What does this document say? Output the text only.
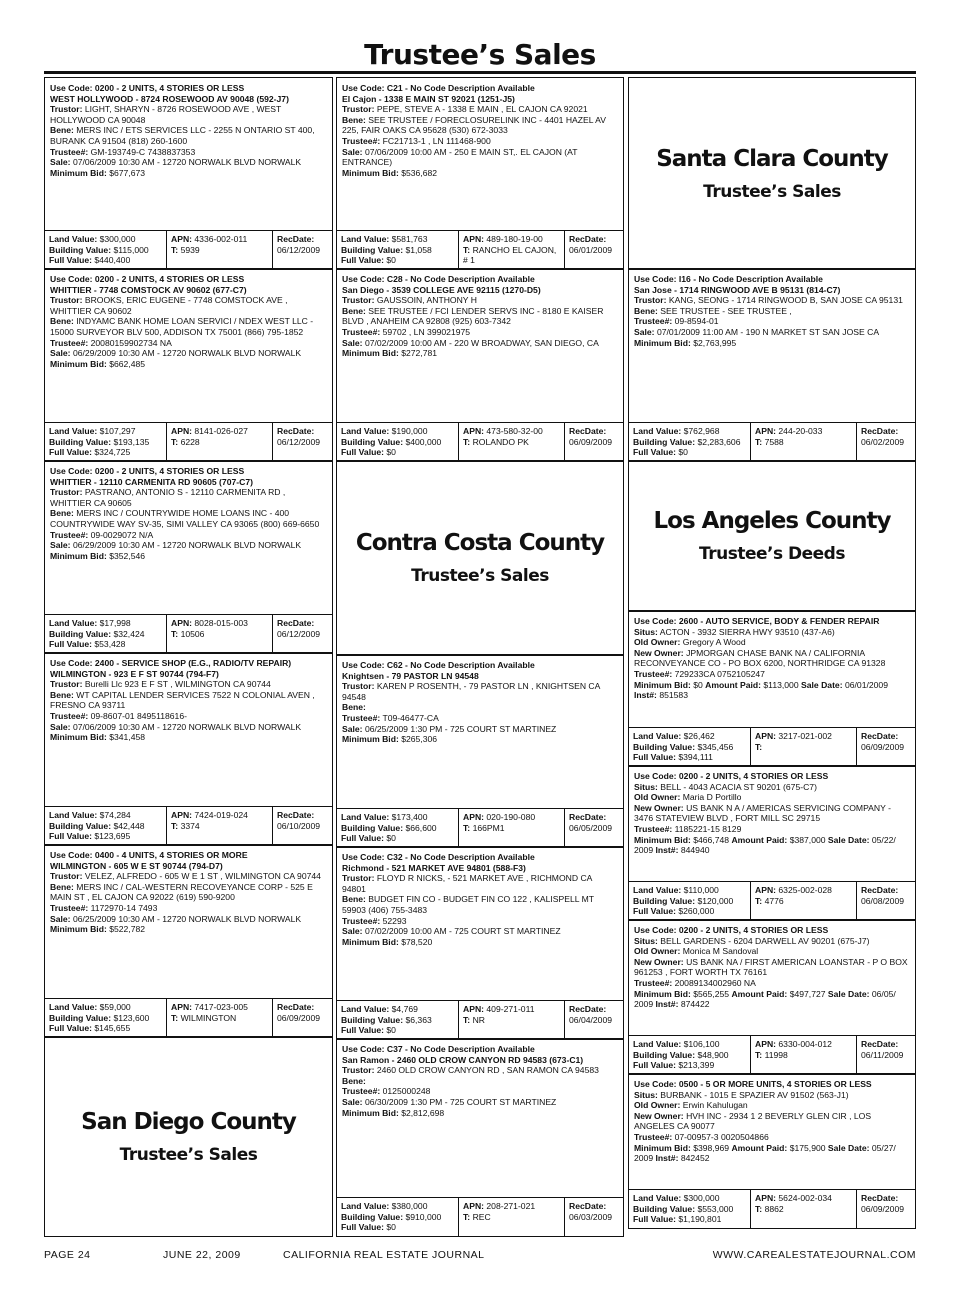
Trustee’s Sales
Use Code: 0200 - 2 UNITS, 4 STORIES OR LESS
WEST HOLLYWOOD - 8724 ROSEWOOD AV 90048 (592-J7)
Trustor: LIGHT, SHARYN - 8726 ROSEWOOD AVE , WEST HOLLYWOOD CA 90048
Bene: MERS INC / ETS SERVICES LLC - 2255 N ONTARIO ST 400, BURANK CA 91504 (818) 260-1600
Trustee#: GM-193749-C 7438837353
Sale: 07/06/2009 10:30 AM - 12720 NORWALK BLVD NORWALK
Minimum Bid: $677,673
Land Value: $300,000
Building Value: $115,000
Full Value: $440,400
APN: 4336-002-011
T: 5939
RecDate:
06/12/2009
Use Code: 0200 - 2 UNITS, 4 STORIES OR LESS
WHITTIER - 7748 COMSTOCK AV 90602 (677-C7)
Trustor: BROOKS, ERIC EUGENE - 7748 COMSTOCK AVE , WHITTIER CA 90602
Bene: INDYAMC BANK HOME LOAN SERVICI / NDEX WEST LLC - 15000 SURVEYOR BLV 500, ADDISON TX 75001 (866) 795-1852
Trustee#: 20080159902734 NA
Sale: 06/29/2009 10:30 AM - 12720 NORWALK BLVD NORWALK
Minimum Bid: $662,485
Land Value: $107,297
Building Value: $193,135
Full Value: $324,725
APN: 8141-026-027
T: 6228
RecDate:
06/12/2009
Use Code: 0200 - 2 UNITS, 4 STORIES OR LESS
WHITTIER - 12110 CARMENITA RD 90605 (707-C7)
Trustor: PASTRANO, ANTONIO S - 12110 CARMENITA RD , WHITTIER CA 90605
Bene: MERS INC / COUNTRYWIDE HOME LOANS INC - 400 COUNTRYWIDE WAY SV-35, SIMI VALLEY CA 93065 (800) 669-6650
Trustee#: 09-0029072 N/A
Sale: 06/29/2009 10:30 AM - 12720 NORWALK BLVD NORWALK
Minimum Bid: $352,546
Land Value: $17,998
Building Value: $32,424
Full Value: $53,428
APN: 8028-015-003
T: 10506
RecDate:
06/12/2009
Use Code: 2400 - SERVICE SHOP (E.G., RADIO/TV REPAIR)
WILMINGTON - 923 E F ST 90744 (794-F7)
Trustor: Burelli Llc 923 E F ST , WILMINGTON CA 90744
Bene: WT CAPITAL LENDER SERVICES 7522 N COLONIAL AVEN , FRESNO CA 93711
Trustee#: 09-8607-01 8495118616-
Sale: 07/06/2009 10:30 AM - 12720 NORWALK BLVD NORWALK
Minimum Bid: $341,458
Land Value: $74,284
Building Value: $42,448
Full Value: $123,695
APN: 7424-019-024
T: 3374
RecDate:
06/10/2009
Use Code: 0400 - 4 UNITS, 4 STORIES OR MORE
WILMINGTON - 605 W E ST 90744 (794-D7)
Trustor: VELEZ, ALFREDO - 605 W E 1 ST , WILMINGTON CA 90744
Bene: MERS INC / CAL-WESTERN RECOVEYANCE CORP - 525 E MAIN ST , EL CAJON CA 92022 (619) 590-9200
Trustee#: 1172970-14 7493
Sale: 06/25/2009 10:30 AM - 12720 NORWALK BLVD NORWALK
Minimum Bid: $522,782
Land Value: $59,000
Building Value: $123,600
Full Value: $145,655
APN: 7417-023-005
T: WILMINGTON
RecDate:
06/09/2009
San Diego County
Trustee’s Sales
Use Code: C21 - No Code Description Available
El Cajon - 1338 E MAIN ST 92021 (1251-J5)
Trustor: PEPE, STEVE A - 1338 E MAIN , EL CAJON CA 92021
Bene: SEE TRUSTEE / FORECLOSURELINK INC - 4401 HAZEL AV 225, FAIR OAKS CA 95628 (530) 672-3033
Trustee#: FC21713-1 , LN 111468-900
Sale: 07/06/2009 10:00 AM - 250 E MAIN ST,. EL CAJON (AT ENTRANCE)
Minimum Bid: $536,682
Land Value: $581,763
Building Value: $1,058
Full Value: $0
APN: 489-180-19-00
T: RANCHO EL CAJON, # 1
RecDate:
06/01/2009
Use Code: C28 - No Code Description Available
San Diego - 3539 COLLEGE AVE 92115 (1270-D5)
Trustor: GAUSSOIN, ANTHONY H
Bene: SEE TRUSTEE / FCI LENDER SERVS INC - 8180 E KAISER BLVD , ANAHEIM CA 92808 (925) 603-7342
Trustee#: 59702 , LN 399021975
Sale: 07/02/2009 10:00 AM - 220 W BROADWAY, SAN DIEGO, CA
Minimum Bid: $272,781
Land Value: $190,000
Building Value: $400,000
Full Value: $0
APN: 473-580-32-00
T: ROLANDO PK
RecDate:
06/09/2009
Contra Costa County
Trustee’s Sales
Use Code: C62 - No Code Description Available
Knightsen - 79 PASTOR LN 94548
Trustor: KAREN P ROSENTH, - 79 PASTOR LN , KNIGHTSEN CA 94548
Bene:
Trustee#: T09-46477-CA
Sale: 06/25/2009 1:30 PM - 725 COURT ST MARTINEZ
Minimum Bid: $265,306
Land Value: $173,400
Building Value: $66,600
Full Value: $0
APN: 020-190-080
T: 166PM1
RecDate:
06/05/2009
Use Code: C32 - No Code Description Available
Richmond - 521 MARKET AVE 94801 (588-F3)
Trustor: FLOYD R NICKS, - 521 MARKET AVE , RICHMOND CA 94801
Bene: BUDGET FIN CO - BUDGET FIN CO 122 , KALISPELL MT 59903 (406) 755-3483
Trustee#: 52293
Sale: 07/02/2009 10:00 AM - 725 COURT ST MARTINEZ
Minimum Bid: $78,520
Land Value: $4,769
Building Value: $6,363
Full Value: $0
APN: 409-271-011
T: NR
RecDate:
06/04/2009
Use Code: C37 - No Code Description Available
San Ramon - 2460 OLD CROW CANYON RD 94583 (673-C1)
Trustor: 2460 OLD CROW CANYON RD , SAN RAMON CA 94583
Bene:
Trustee#: 0125000248
Sale: 06/30/2009 1:30 PM - 725 COURT ST MARTINEZ
Minimum Bid: $2,812,698
Land Value: $380,000
Building Value: $910,000
Full Value: $0
APN: 208-271-021
T: REC
RecDate:
06/03/2009
Santa Clara County
Trustee’s Sales
Use Code: I16 - No Code Description Available
San Jose - 1714 RINGWOOD AVE B 95131 (814-C7)
Trustor: KANG, SEONG - 1714 RINGWOOD B, SAN JOSE CA 95131
Bene: SEE TRUSTEE - SEE TRUSTEE ,
Trustee#: 09-8594-01
Sale: 07/01/2009 11:00 AM - 190 N MARKET ST SAN JOSE CA
Minimum Bid: $2,763,995
Land Value: $762,968
Building Value: $2,283,606
Full Value: $0
APN: 244-20-033
T: 7588
RecDate:
06/02/2009
Los Angeles County
Trustee’s Deeds
Use Code: 2600 - AUTO SERVICE, BODY & FENDER REPAIR
Situs: ACTON - 3932 SIERRA HWY 93510 (437-A6)
Old Owner: Gregory A Wood
New Owner: JPMORGAN CHASE BANK NA / CALIFORNIA RECONVEYANCE CO - PO BOX 6200, NORTHRIDGE CA 91328
Trustee#: 729233CA 0752105247
Minimum Bid: $0 Amount Paid: $113,000 Sale Date: 06/01/2009 Inst#: 851583
Land Value: $26,462
Building Value: $345,456
Full Value: $394,111
APN: 3217-021-002
T:
RecDate:
06/09/2009
Use Code: 0200 - 2 UNITS, 4 STORIES OR LESS
Situs: BELL - 4043 ACACIA ST 90201 (675-C7)
Old Owner: Maria D Portillo
New Owner: US BANK N A / AMERICAS SERVICING COMPANY - 3476 STATEVIEW BLVD , FORT MILL SC 29715
Trustee#: 1185221-15 8129
Minimum Bid: $466,748 Amount Paid: $387,000 Sale Date: 05/22/ 2009 Inst#: 844940
Land Value: $110,000
Building Value: $120,000
Full Value: $260,000
APN: 6325-002-028
T: 4776
RecDate:
06/08/2009
Use Code: 0200 - 2 UNITS, 4 STORIES OR LESS
Situs: BELL GARDENS - 6204 DARWELL AV 90201 (675-J7)
Old Owner: Monica M Sandoval
New Owner: US BANK NA / FIRST AMERICAN LOANSTAR - P O BOX 961253 , FORT WORTH TX 76161
Trustee#: 20089134002960 NA
Minimum Bid: $565,255 Amount Paid: $497,727 Sale Date: 06/05/ 2009 Inst#: 874422
Land Value: $106,100
Building Value: $48,900
Full Value: $213,399
APN: 6330-004-012
T: 11998
RecDate:
06/11/2009
Use Code: 0500 - 5 OR MORE UNITS, 4 STORIES OR LESS
Situs: BURBANK - 1015 E SPAZIER AV 91502 (563-J1)
Old Owner: Erwin Kahulugan
New Owner: HVH INC - 2934 1 2 BEVERLY GLEN CIR , LOS ANGELES CA 90077
Trustee#: 07-00957-3 0020504866
Minimum Bid: $398,969 Amount Paid: $175,900 Sale Date: 05/27/ 2009 Inst#: 842452
Land Value: $300,000
Building Value: $553,000
Full Value: $1,190,801
APN: 5624-002-034
T: 8862
RecDate:
06/09/2009
PAGE 24	JUNE 22, 2009	CALIFORNIA REAL ESTATE JOURNAL	WWW.CAREALESTATEJOURNAL.COM
